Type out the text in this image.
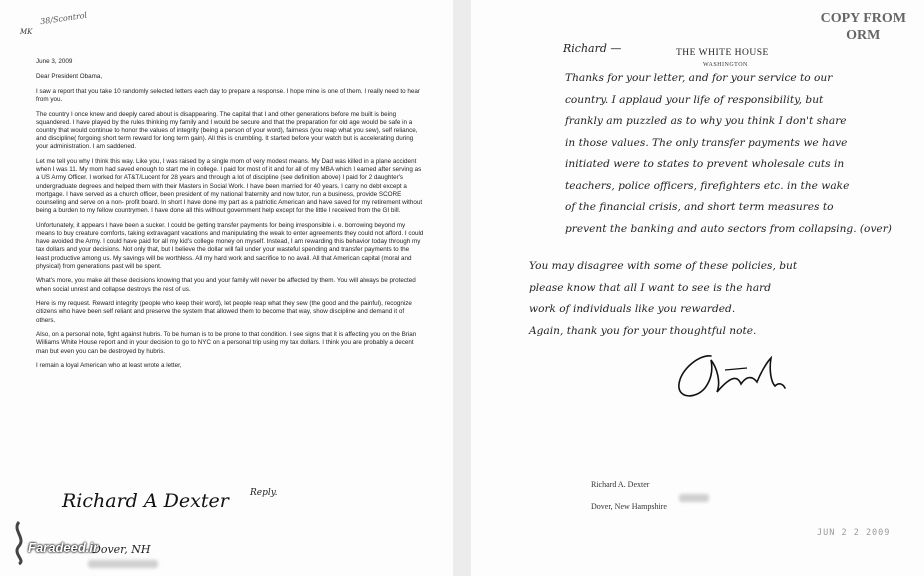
38/Scontrol
MK

June 3, 2009

Dear President Obama,

I saw a report that you take 10 randomly selected letters each day to prepare a response. I hope mine is one of them. I really need to hear from you.

The country I once knew and deeply cared about is disappearing. The capital that I and other generations before me built is being squandered. I have played by the rules thinking my family and I would be secure and that the preparation for old age would be safe in a country that would continue to honor the values of integrity (being a person of your word), fairness (you reap what you sew), self reliance, and discipline( forgoing short term reward for long term gain). All this is crumbling. It started before your watch but is accelerating during your administration. I am saddened.

Let me tell you why I think this way. Like you, I was raised by a single mom of very modest means. My Dad was killed in a plane accident when I was 11. My mom had saved enough to start me in college. I paid for most of it and for all of my MBA which I earned after serving as a US Army Officer. I worked for AT&T/Lucent for 28 years and through a lot of discipline (see definition above) I paid for 2 daughter's undergraduate degrees and helped them with their Masters in Social Work. I have been married for 40 years. I carry no debt except a mortgage. I have served as a church officer, been president of my national fraternity and now tutor, run a business, provide SCORE counseling and serve on a non- profit board. In short I have done my part as a patriotic American and have saved for my retirement without being a burden to my fellow countrymen. I have done all this without government help except for the little I received from the GI bill.

Unfortunately, it appears I have been a sucker. I could be getting transfer payments for being irresponsible i. e. borrowing beyond my means to buy creature comforts, taking extravagant vacations and manipulating the weak to enter agreements they could not afford. I could have avoided the Army. I could have paid for all my kid's college money on myself. Instead, I am rewarding this behavior today through my tax dollars and your decisions. Not only that, but I believe the dollar will fail under your wasteful spending and transfer payments to the least productive among us. My savings will be worthless. All my hard work and sacrifice to no avail. All that American capital (moral and physical) from generations past will be spent.

What's more, you make all these decisions knowing that you and your family will never be affected by them. You will always be protected when social unrest and collapse destroys the rest of us.

Here is my request. Reward integrity (people who keep their word), let people reap what they sew (the good and the painful), recognize citizens who have been self reliant and preserve the system that allowed them to become that way, show discipline and demand it of others.

Also, on a personal note, fight against hubris. To be human is to be prone to that condition. I see signs that it is affecting you on the Brian Williams White House report and in your decision to go to NYC on a personal trip using my tax dollars. I think you are probably a decent man but even you can be destroyed by hubris.

I remain a loyal American who at least wrote a letter,

Reply.
Richard A Dexter
Dover, NH
Faradeed.ir
COPY FROM
ORM
THE WHITE HOUSE
WASHINGTON
Richard —
Thanks for your letter, and for your service to our
country. I applaud your life of responsibility, but
frankly am puzzled as to why you think I don't share
in those values. The only transfer payments we have
initiated were to states to prevent wholesale cuts in
teachers, police officers, firefighters etc. in the wake
of the financial crisis, and short term measures to
prevent the banking and auto sectors from collapsing. (over)
You may disagree with some of these policies, but
please know that all I want to see is the hard
work of individuals like you rewarded.
Again, thank you for your thoughtful note.
Richard A. Dexter
Dover, New Hampshire
JUN 2 2 2009
